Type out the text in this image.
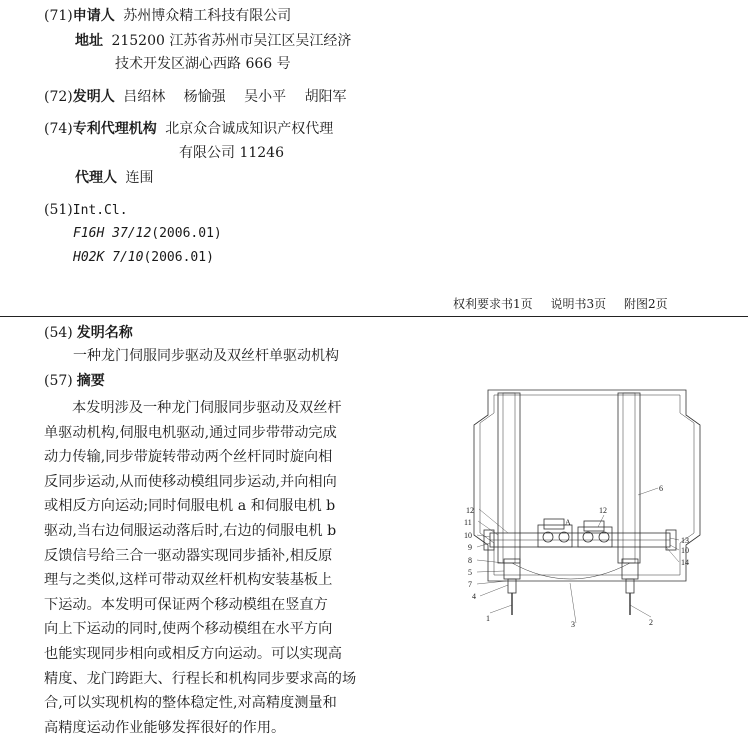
(71)申请人 苏州博众精工科技有限公司
地址 215200 江苏省苏州市吴江区吴江经济
技术开发区湖心西路 666 号
(72)发明人 吕绍林 杨愉强 吴小平 胡阳军
(74)专利代理机构 北京众合诚成知识产权代理
有限公司 11246
代理人 连围
(51)Int.Cl.
F16H 37/12(2006.01)
H02K 7/10(2006.01)
权利要求书1页 说明书3页 附图2页
(54) 发明名称
一种龙门伺服同步驱动及双丝杆单驱动机构
(57) 摘要
本发明涉及一种龙门伺服同步驱动及双丝杆
单驱动机构,伺服电机驱动,通过同步带带动完成
动力传输,同步带旋转带动两个丝杆同时旋向相
反同步运动,从而使移动模组同步运动,并向相向
或相反方向运动;同时伺服电机 a 和伺服电机 b
驱动,当右边伺服运动落后时,右边的伺服电机 b
反馈信号给三合一驱动器实现同步插补,相反原
理与之类似,这样可带动双丝杆机构安装基板上
下运动。本发明可保证两个移动模组在竖直方
向上下运动的同时,使两个移动模组在水平方向
也能实现同步相向或相反方向运动。可以实现高
精度、龙门跨距大、行程长和机构同步要求高的场
合,可以实现机构的整体稳定性,对高精度测量和
高精度运动作业能够发挥很好的作用。
12
11
10
9
8
5
7
4
1
3	2
6
13
10
14
12
A
